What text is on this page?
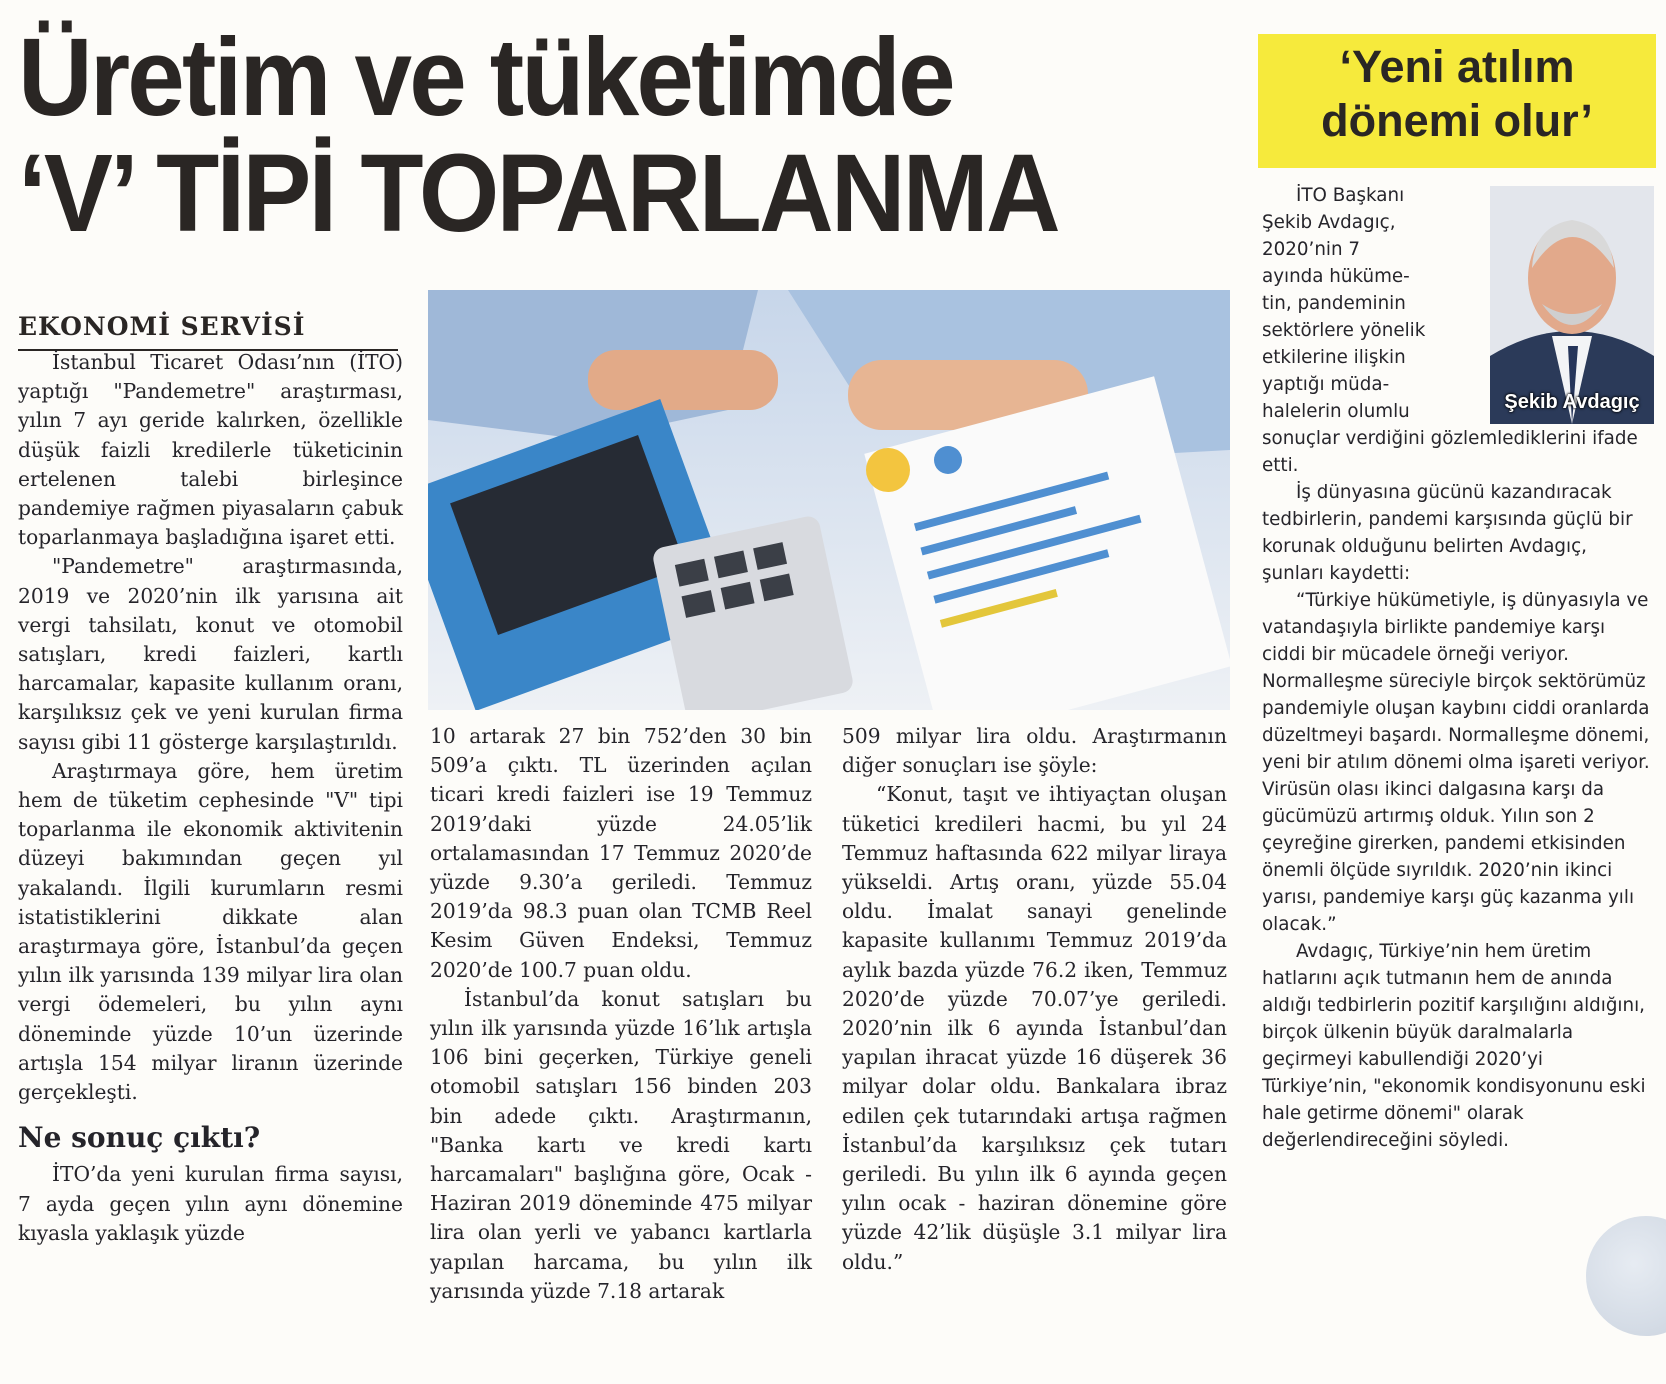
Üretim ve tüketimde
‘V’ TİPİ TOPARLANMA
EKONOMİ SERVİSİ

İstanbul Ticaret Odası’nın (İTO) yaptığı "Pandemetre" araştırması, yılın 7 ayı geride kalırken, özellikle düşük faizli kredilerle tüketicinin ertelenen talebi birleşince pandemiye rağmen piyasaların çabuk toparlanmaya başladığına işaret etti.

"Pandemetre" araştırmasında, 2019 ve 2020’nin ilk yarısına ait vergi tahsilatı, konut ve otomobil satışları, kredi faizleri, kartlı harcamalar, kapasite kullanım oranı, karşılıksız çek ve yeni kurulan firma sayısı gibi 11 gösterge karşılaştırıldı.

Araştırmaya göre, hem üretim hem de tüketim cephesinde "V" tipi toparlanma ile ekonomik aktivitenin düzeyi bakımından geçen yıl yakalandı. İlgili kurumların resmi istatistiklerini dikkate alan araştırmaya göre, İstanbul’da geçen yılın ilk yarısında 139 milyar lira olan vergi ödemeleri, bu yılın aynı döneminde yüzde 10’un üzerinde artışla 154 milyar liranın üzerinde gerçekleşti.

Ne sonuç çıktı?

İTO’da yeni kurulan firma sayısı, 7 ayda geçen yılın aynı dönemine kıyasla yaklaşık yüzde

10 artarak 27 bin 752’den 30 bin 509’a çıktı. TL üzerinden açılan ticari kredi faizleri ise 19 Temmuz 2019’daki yüzde 24.05’lik ortalamasından 17 Temmuz 2020’de yüzde 9.30’a geriledi. Temmuz 2019’da 98.3 puan olan TCMB Reel Kesim Güven Endeksi, Temmuz 2020’de 100.7 puan oldu.

İstanbul’da konut satışları bu yılın ilk yarısında yüzde 16’lık artışla 106 bini geçerken, Türkiye geneli otomobil satışları 156 binden 203 bin adede çıktı. Araştırmanın, "Banka kartı ve kredi kartı harcamaları" başlığına göre, Ocak - Haziran 2019 döneminde 475 milyar lira olan yerli ve yabancı kartlarla yapılan harcama, bu yılın ilk yarısında yüzde 7.18 artarak

509 milyar lira oldu. Araştırmanın diğer sonuçları ise şöyle:

“Konut, taşıt ve ihtiyaçtan oluşan tüketici kredileri hacmi, bu yıl 24 Temmuz haftasında 622 milyar liraya yükseldi. Artış oranı, yüzde 55.04 oldu. İmalat sanayi genelinde kapasite kullanımı Temmuz 2019’da aylık bazda yüzde 76.2 iken, Temmuz 2020’de yüzde 70.07’ye geriledi. 2020’nin ilk 6 ayında İstanbul’dan yapılan ihracat yüzde 16 düşerek 36 milyar dolar oldu. Bankalara ibraz edilen çek tutarındaki artışa rağmen İstanbul’da karşılıksız çek tutarı geriledi. Bu yılın ilk 6 ayında geçen yılın ocak - haziran dönemine göre yüzde 42’lik düşüşle 3.1 milyar lira oldu.”

‘Yeni atılım
dönemi olur’
Şekib Avdagıç
İTO Başkanı
Şekib Avdagıç,
2020’nin 7
ayında hüküme-
tin, pandeminin
sektörlere yönelik
etkilerine ilişkin
yaptığı müda-
halelerin olumlu

sonuçlar verdiğini gözlemlediklerini ifade etti.

İş dünyasına gücünü kazandıracak tedbirlerin, pandemi karşısında güçlü bir korunak olduğunu belirten Avdagıç, şunları kaydetti:

“Türkiye hükümetiyle, iş dünyasıyla ve vatandaşıyla birlikte pandemiye karşı ciddi bir mücadele örneği veriyor. Normalleşme süreciyle birçok sektörümüz pandemiyle oluşan kaybını ciddi oranlarda düzeltmeyi başardı. Normalleşme dönemi, yeni bir atılım dönemi olma işareti veriyor. Virüsün olası ikinci dalgasına karşı da gücümüzü artırmış olduk. Yılın son 2 çeyreğine girerken, pandemi etkisinden önemli ölçüde sıyrıldık. 2020’nin ikinci yarısı, pandemiye karşı güç kazanma yılı olacak.”

Avdagıç, Türkiye’nin hem üretim hatlarını açık tutmanın hem de anında aldığı tedbirlerin pozitif karşılığını aldığını, birçok ülkenin büyük daralmalarla geçirmeyi kabullendiği 2020’yi Türkiye’nin, "ekonomik kondisyonunu eski hale getirme dönemi" olarak değerlendireceğini söyledi.
